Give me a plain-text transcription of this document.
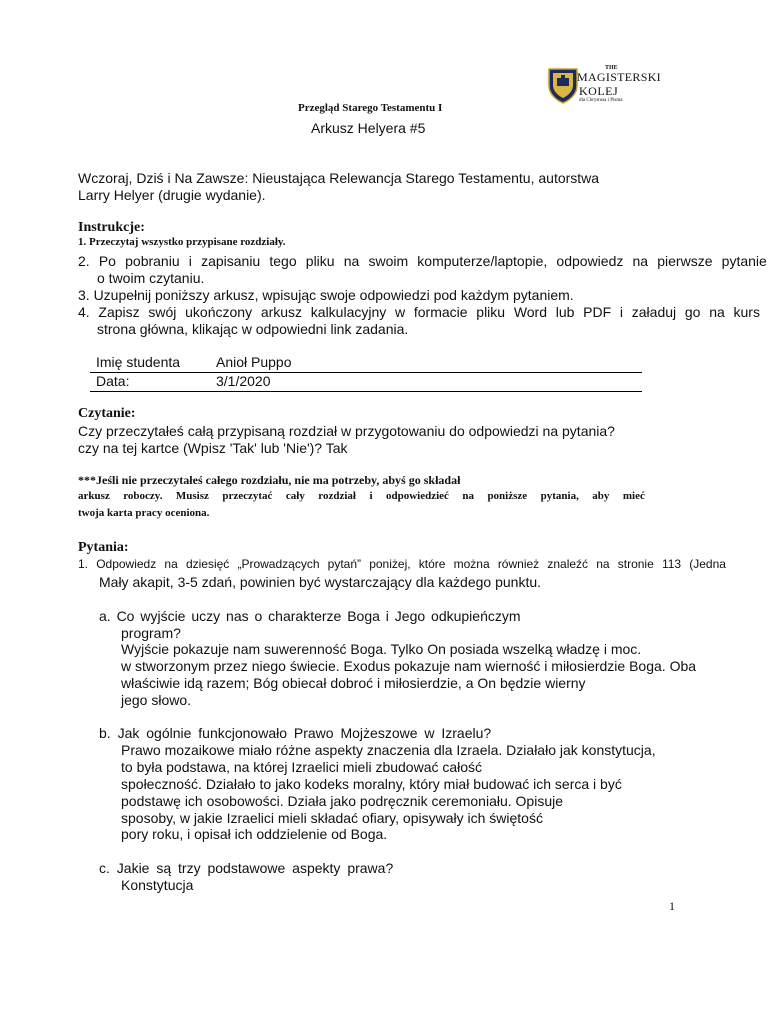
THE
MAGISTERSKI
KOLEJ
dla Chrystusa i Pisma
Przegląd Starego Testamentu I
Arkusz Helyera #5
Wczoraj, Dziś i Na Zawsze: Nieustająca Relewancja Starego Testamentu, autorstwa
Larry Helyer (drugie wydanie).
Instrukcje:
1. Przeczytaj wszystko przypisane rozdziały.
2. Po pobraniu i zapisaniu tego pliku na swoim komputerze/laptopie, odpowiedz na pierwsze pytanie
o twoim czytaniu.
3. Uzupełnij poniższy arkusz, wpisując swoje odpowiedzi pod każdym pytaniem.
4. Zapisz swój ukończony arkusz kalkulacyjny w formacie pliku Word lub PDF i załaduj go na kurs
strona główna, klikając w odpowiedni link zadania.
Imię studenta	Anioł Puppo
Data:	3/1/2020
Czytanie:
Czy przeczytałeś całą przypisaną rozdział w przygotowaniu do odpowiedzi na pytania?
czy na tej kartce (Wpisz 'Tak' lub 'Nie')? Tak
***Jeśli nie przeczytałeś całego rozdziału, nie ma potrzeby, abyś go składał
arkusz roboczy. Musisz przeczytać cały rozdział i odpowiedzieć na poniższe pytania, aby mieć
twoja karta pracy oceniona.
Pytania:
1. Odpowiedz na dziesięć „Prowadzących pytań” poniżej, które można również znaleźć na stronie 113 (Jedna
Mały akapit, 3-5 zdań, powinien być wystarczający dla każdego punktu.
a. Co wyjście uczy nas o charakterze Boga i Jego odkupieńczym
program?
Wyjście pokazuje nam suwerenność Boga. Tylko On posiada wszelką władzę i moc.
w stworzonym przez niego świecie. Exodus pokazuje nam wierność i miłosierdzie Boga. Oba
właściwie idą razem; Bóg obiecał dobroć i miłosierdzie, a On będzie wierny
jego słowo.
b. Jak ogólnie funkcjonowało Prawo Mojżeszowe w Izraelu?
Prawo mozaikowe miało różne aspekty znaczenia dla Izraela. Działało jak konstytucja,
to była podstawa, na której Izraelici mieli zbudować całość
społeczność. Działało to jako kodeks moralny, który miał budować ich serca i być
podstawę ich osobowości. Działa jako podręcznik ceremoniału. Opisuje
sposoby, w jakie Izraelici mieli składać ofiary, opisywały ich świętość
pory roku, i opisał ich oddzielenie od Boga.
c. Jakie są trzy podstawowe aspekty prawa?
Konstytucja
1
